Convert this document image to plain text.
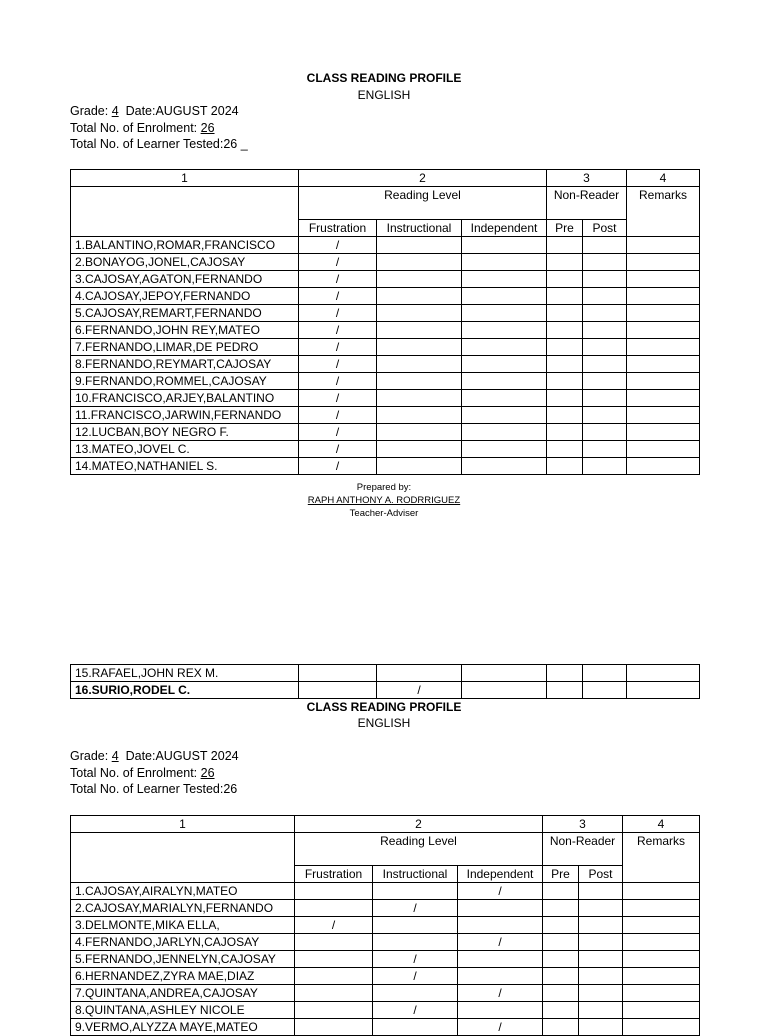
CLASS READING PROFILE
ENGLISH
Grade: 4 Date:AUGUST 2024
Total No. of Enrolment: 26
Total No. of Learner Tested:26 _
1	2			3		4
	Reading Level			Non-Reader		Remarks
	Frustration	Instructional	Independent	Pre	Post	
1.BALANTINO,ROMAR,FRANCISCO	/					
2.BONAYOG,JONEL,CAJOSAY	/					
3.CAJOSAY,AGATON,FERNANDO	/					
4.CAJOSAY,JEPOY,FERNANDO	/					
5.CAJOSAY,REMART,FERNANDO	/					
6.FERNANDO,JOHN REY,MATEO	/					
7.FERNANDO,LIMAR,DE PEDRO	/					
8.FERNANDO,REYMART,CAJOSAY	/					
9.FERNANDO,ROMMEL,CAJOSAY	/					
10.FRANCISCO,ARJEY,BALANTINO	/					
11.FRANCISCO,JARWIN,FERNANDO	/					
12.LUCBAN,BOY NEGRO F.	/					
13.MATEO,JOVEL C.	/					
14.MATEO,NATHANIEL S.	/					
Prepared by:
RAPH ANTHONY A. RODRRIGUEZ
Teacher-Adviser
15.RAFAEL,JOHN REX M.						
16.SURIO,RODEL C.		/				
CLASS READING PROFILE
ENGLISH
Grade: 4 Date:AUGUST 2024
Total No. of Enrolment: 26
Total No. of Learner Tested:26
1	2			3		4
	Reading Level			Non-Reader		Remarks
	Frustration	Instructional	Independent	Pre	Post	
1.CAJOSAY,AIRALYN,MATEO			/			
2.CAJOSAY,MARIALYN,FERNANDO		/				
3.DELMONTE,MIKA ELLA,	/					
4.FERNANDO,JARLYN,CAJOSAY			/			
5.FERNANDO,JENNELYN,CAJOSAY		/				
6.HERNANDEZ,ZYRA MAE,DIAZ		/				
7.QUINTANA,ANDREA,CAJOSAY			/			
8.QUINTANA,ASHLEY NICOLE		/				
9.VERMO,ALYZZA MAYE,MATEO			/			
